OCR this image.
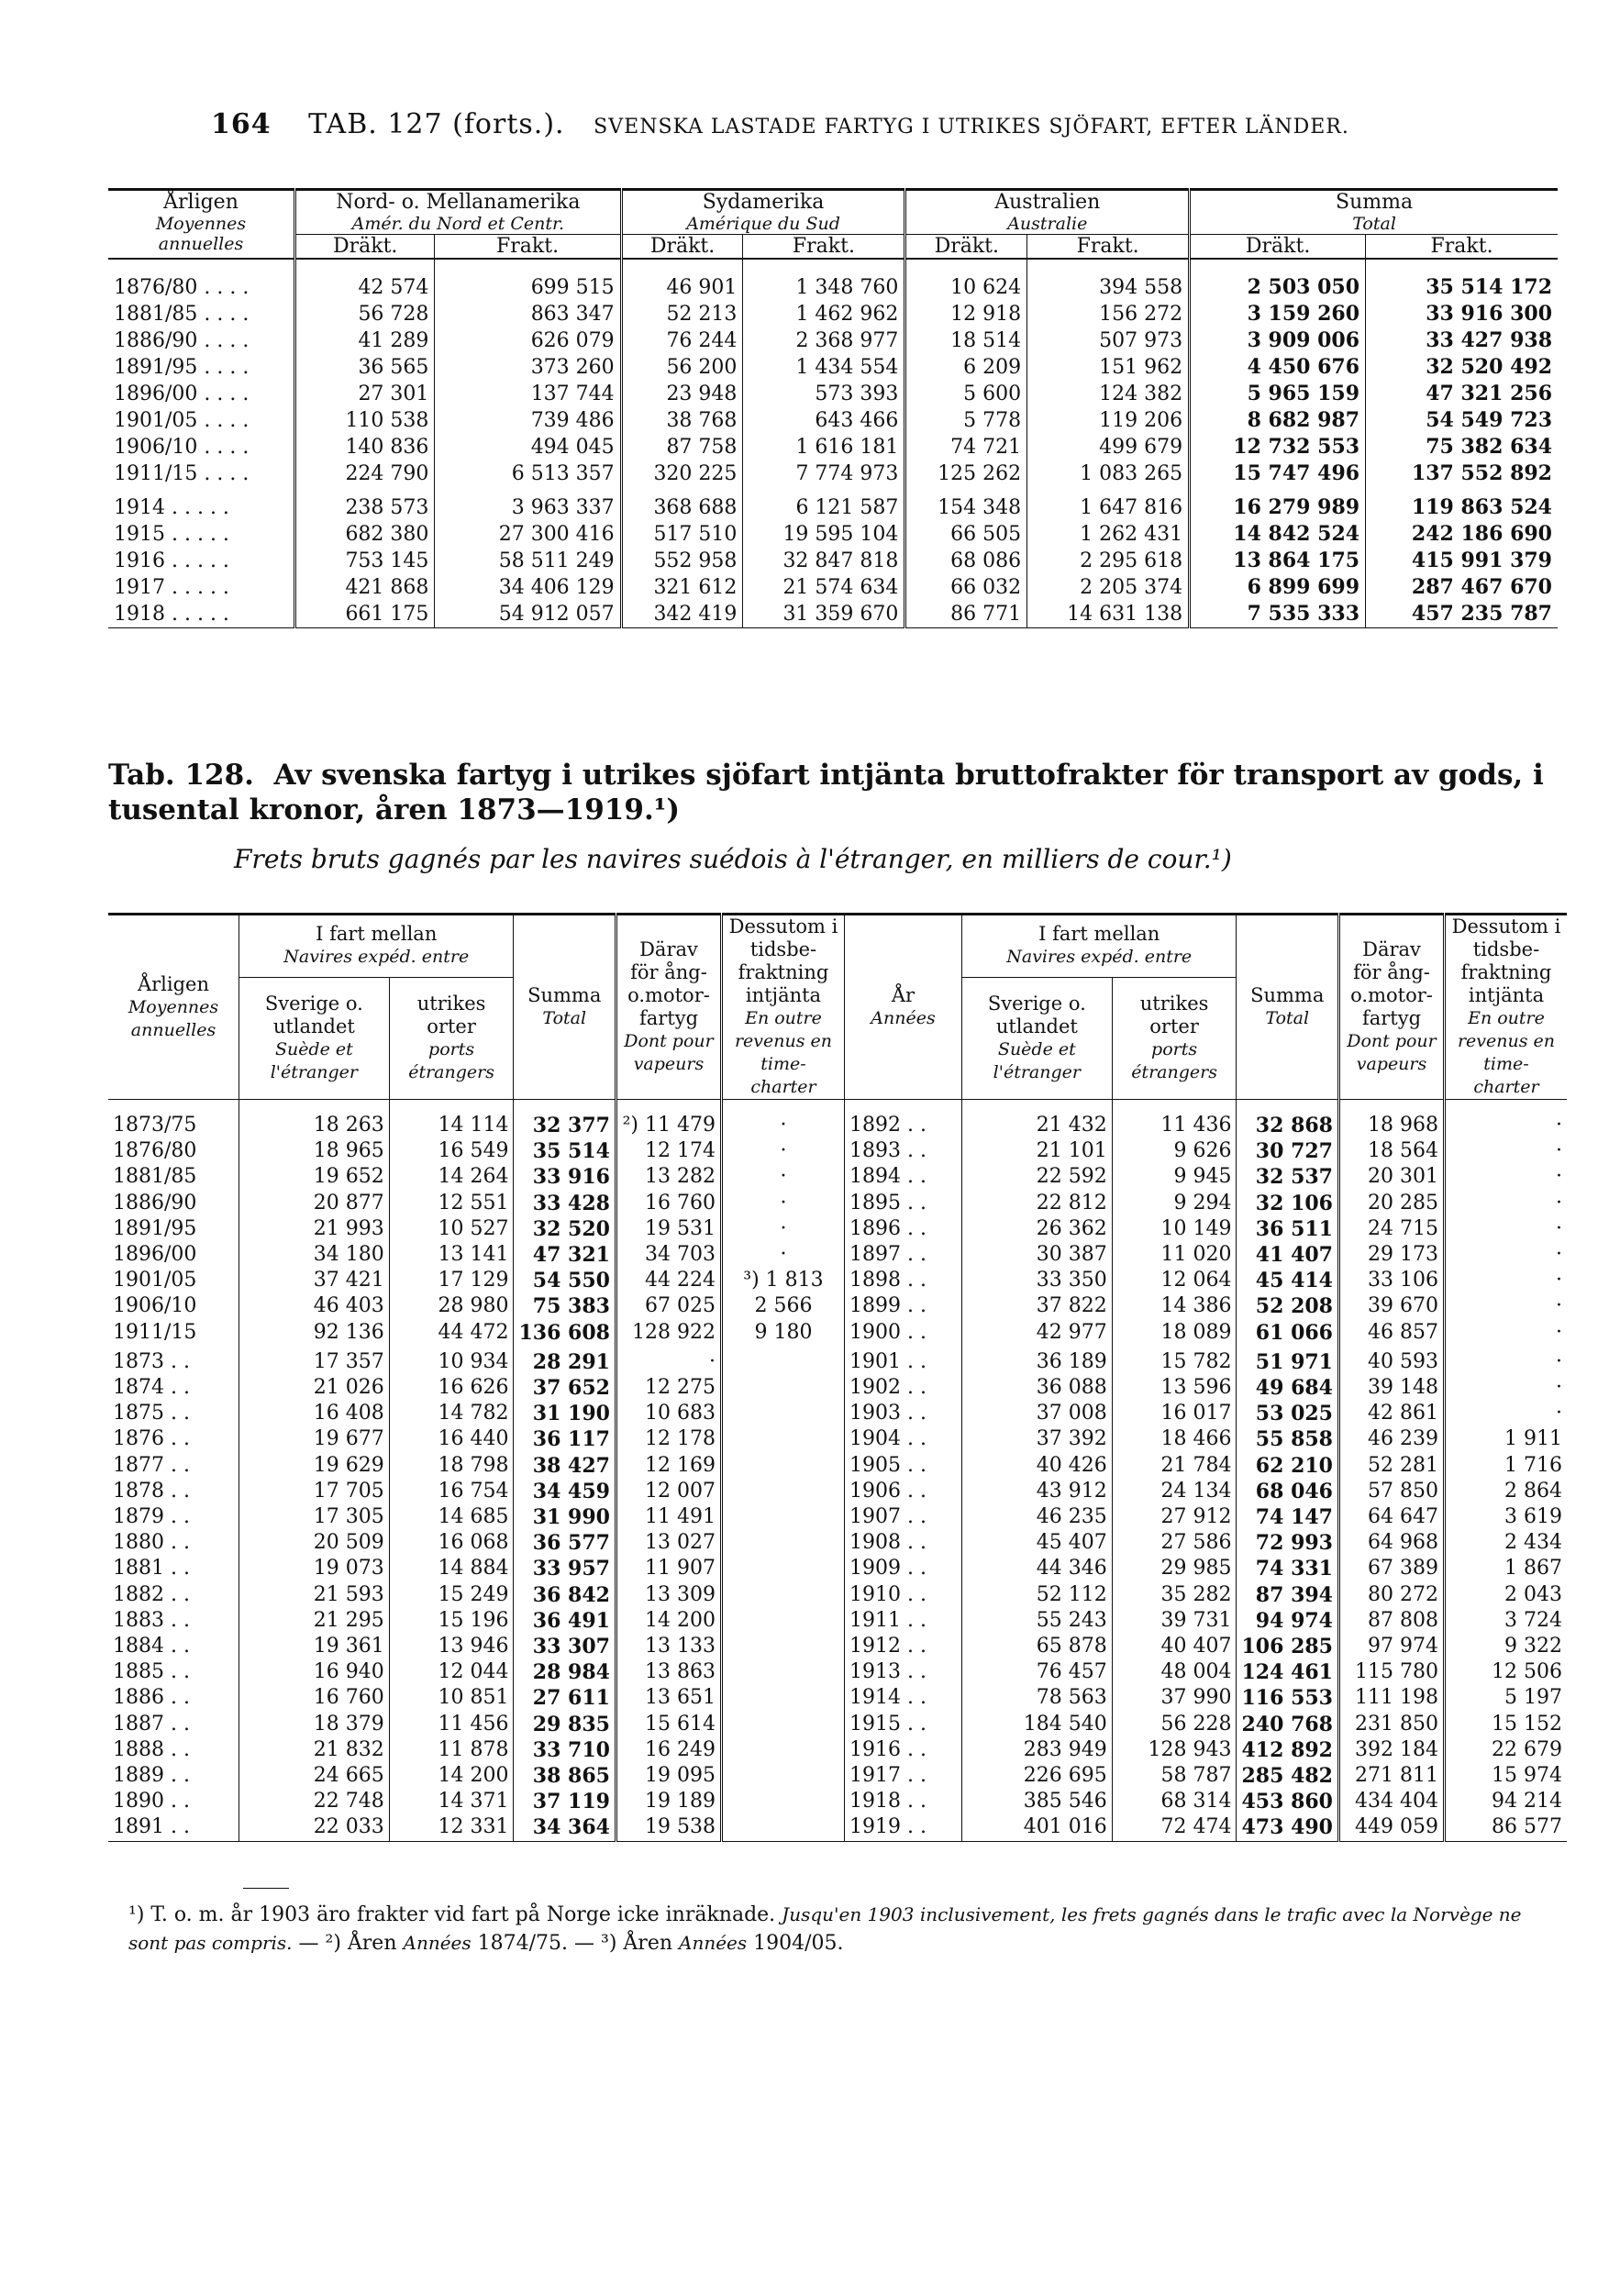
164 TAB. 127 (forts.). SVENSKA LASTADE FARTYG I UTRIKES SJÖFART, EFTER LÄNDER.
Årligen
Moyennes
annuelles	Nord- o. Mellanamerika
Amér. du Nord et Centr.		Sydamerika
Amérique du Sud		Australien
Australie		Summa
Total	

	Dräkt.	Frakt.	Dräkt.	Frakt.	Dräkt.	Frakt.	Dräkt.	Frakt.

1876/80 . . . .	42 574	699 515	46 901	1 348 760	10 624	394 558	2 503 050	35 514 172
1881/85 . . . .	56 728	863 347	52 213	1 462 962	12 918	156 272	3 159 260	33 916 300
1886/90 . . . .	41 289	626 079	76 244	2 368 977	18 514	507 973	3 909 006	33 427 938
1891/95 . . . .	36 565	373 260	56 200	1 434 554	6 209	151 962	4 450 676	32 520 492
1896/00 . . . .	27 301	137 744	23 948	573 393	5 600	124 382	5 965 159	47 321 256
1901/05 . . . .	110 538	739 486	38 768	643 466	5 778	119 206	8 682 987	54 549 723
1906/10 . . . .	140 836	494 045	87 758	1 616 181	74 721	499 679	12 732 553	75 382 634
1911/15 . . . .	224 790	6 513 357	320 225	7 774 973	125 262	1 083 265	15 747 496	137 552 892
1914 . . . . .	238 573	3 963 337	368 688	6 121 587	154 348	1 647 816	16 279 989	119 863 524
1915 . . . . .	682 380	27 300 416	517 510	19 595 104	66 505	1 262 431	14 842 524	242 186 690
1916 . . . . .	753 145	58 511 249	552 958	32 847 818	68 086	2 295 618	13 864 175	415 991 379
1917 . . . . .	421 868	34 406 129	321 612	21 574 634	66 032	2 205 374	6 899 699	287 467 670
1918 . . . . .	661 175	54 912 057	342 419	31 359 670	86 771	14 631 138	7 535 333	457 235 787
Tab. 128. Av svenska fartyg i utrikes sjöfart intjänta bruttofrakter för transport av gods, i tusental kronor, åren 1873—1919.¹)
Frets bruts gagnés par les navires suédois à l'étranger, en milliers de cour.¹)
Årligen
Moyennes annuelles	I fart mellan
Navires expéd. entre		Summa
Total	Därav för ång- o.motor- fartyg
Dont pour vapeurs	Dessutom i tidsbe- fraktning intjänta
En outre revenus en time-charter	År
Années	I fart mellan
Navires expéd. entre		Summa
Total	Därav för ång- o.motor- fartyg
Dont pour vapeurs	Dessutom i tidsbe- fraktning intjänta
En outre revenus en time-charter

	Sverige o. utlandet
Suède et l'étranger	utrikes orter
ports étrangers					Sverige o. utlandet
Suède et l'étranger	utrikes orter
ports étrangers			

1873/75	18 263	14 114	32 377	²) 11 479	·	1892 . .	21 432	11 436	32 868	18 968	·
1876/80	18 965	16 549	35 514	12 174	·	1893 . .	21 101	9 626	30 727	18 564	·
1881/85	19 652	14 264	33 916	13 282	·	1894 . .	22 592	9 945	32 537	20 301	·
1886/90	20 877	12 551	33 428	16 760	·	1895 . .	22 812	9 294	32 106	20 285	·
1891/95	21 993	10 527	32 520	19 531	·	1896 . .	26 362	10 149	36 511	24 715	·
1896/00	34 180	13 141	47 321	34 703	·	1897 . .	30 387	11 020	41 407	29 173	·
1901/05	37 421	17 129	54 550	44 224	³) 1 813	1898 . .	33 350	12 064	45 414	33 106	·
1906/10	46 403	28 980	75 383	67 025	2 566	1899 . .	37 822	14 386	52 208	39 670	·
1911/15	92 136	44 472	136 608	128 922	9 180	1900 . .	42 977	18 089	61 066	46 857	·
1873 . .	17 357	10 934	28 291	·		1901 . .	36 189	15 782	51 971	40 593	·
1874 . .	21 026	16 626	37 652	12 275		1902 . .	36 088	13 596	49 684	39 148	·
1875 . .	16 408	14 782	31 190	10 683		1903 . .	37 008	16 017	53 025	42 861	·
1876 . .	19 677	16 440	36 117	12 178		1904 . .	37 392	18 466	55 858	46 239	1 911
1877 . .	19 629	18 798	38 427	12 169		1905 . .	40 426	21 784	62 210	52 281	1 716
1878 . .	17 705	16 754	34 459	12 007		1906 . .	43 912	24 134	68 046	57 850	2 864
1879 . .	17 305	14 685	31 990	11 491		1907 . .	46 235	27 912	74 147	64 647	3 619
1880 . .	20 509	16 068	36 577	13 027		1908 . .	45 407	27 586	72 993	64 968	2 434
1881 . .	19 073	14 884	33 957	11 907		1909 . .	44 346	29 985	74 331	67 389	1 867
1882 . .	21 593	15 249	36 842	13 309		1910 . .	52 112	35 282	87 394	80 272	2 043
1883 . .	21 295	15 196	36 491	14 200		1911 . .	55 243	39 731	94 974	87 808	3 724
1884 . .	19 361	13 946	33 307	13 133		1912 . .	65 878	40 407	106 285	97 974	9 322
1885 . .	16 940	12 044	28 984	13 863		1913 . .	76 457	48 004	124 461	115 780	12 506
1886 . .	16 760	10 851	27 611	13 651		1914 . .	78 563	37 990	116 553	111 198	5 197
1887 . .	18 379	11 456	29 835	15 614		1915 . .	184 540	56 228	240 768	231 850	15 152
1888 . .	21 832	11 878	33 710	16 249		1916 . .	283 949	128 943	412 892	392 184	22 679
1889 . .	24 665	14 200	38 865	19 095		1917 . .	226 695	58 787	285 482	271 811	15 974
1890 . .	22 748	14 371	37 119	19 189		1918 . .	385 546	68 314	453 860	434 404	94 214
1891 . .	22 033	12 331	34 364	19 538		1919 . .	401 016	72 474	473 490	449 059	86 577
¹) T. o. m. år 1903 äro frakter vid fart på Norge icke inräknade. Jusqu'en 1903 inclusivement, les frets gagnés dans le trafic avec la Norvège ne sont pas compris. — ²) Åren Années 1874/75. — ³) Åren Années 1904/05.
